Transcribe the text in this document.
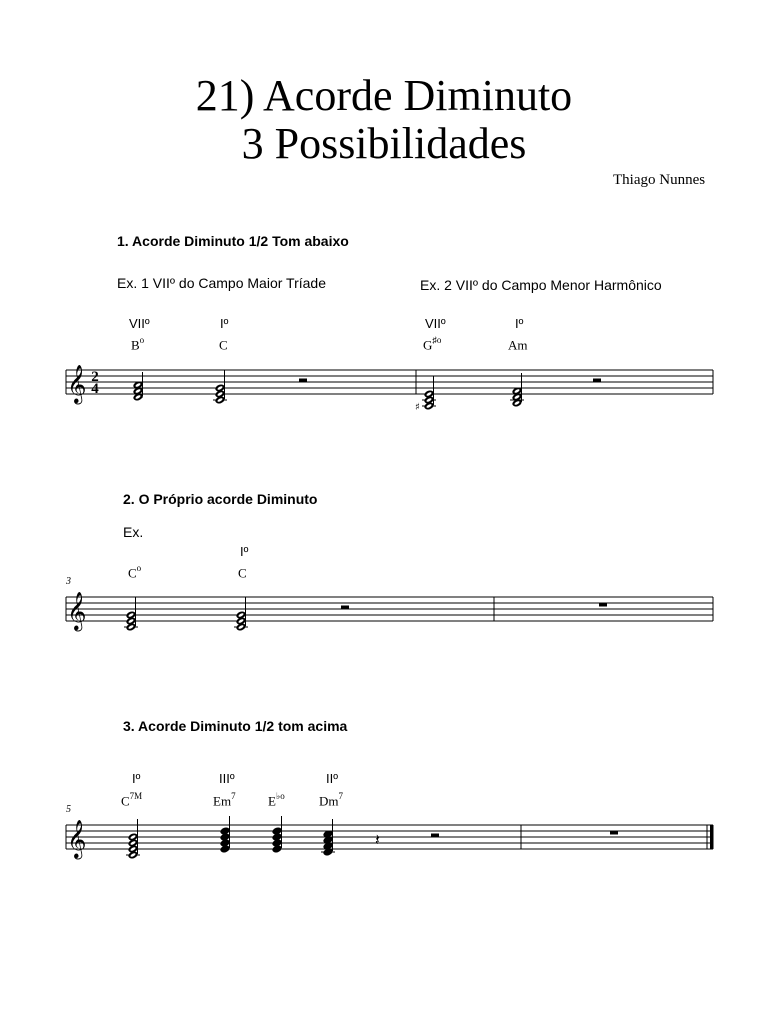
21) Acorde Diminuto
3 Possibilidades
Thiago Nunnes
1. Acorde Diminuto 1/2 Tom abaixo
Ex. 1 VIIº do Campo Maior Tríade	Ex. 2 VIIº do Campo Menor Harmônico
VIIº	Iº	VIIº	Iº
$B^o$	C	$G^{♯o}$	Am
2. O Próprio acorde Diminuto
Ex.
Iº
$C^o$	C
3
3. Acorde Diminuto 1/2 tom acima
Iº	IIIº	IIº
$C^{7M}$	Em$^7$ $E^{♭o}$	Dm$^7$
5
𝄞 2
4
♯
𝄞
𝄞	𝄽
